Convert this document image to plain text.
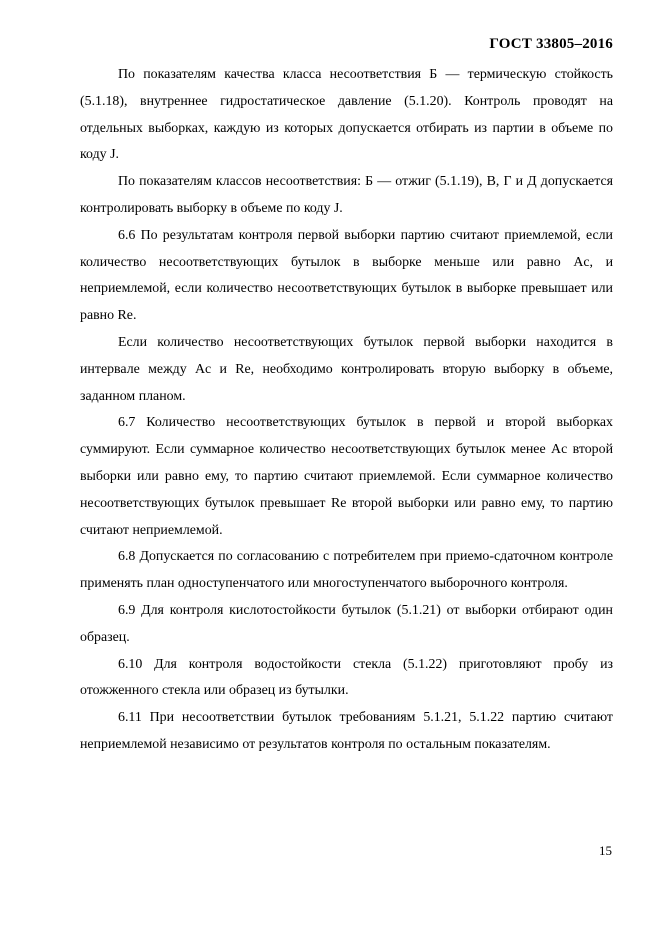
ГОСТ 33805–2016

По показателям качества класса несоответствия Б — термическую стойкость (5.1.18), внутреннее гидростатическое давление (5.1.20). Контроль проводят на отдельных выборках, каждую из которых допускается отбирать из партии в объеме по коду J.

По показателям классов несоответствия: Б — отжиг (5.1.19), В, Г и Д допускается контролировать выборку в объеме по коду J.

6.6 По результатам контроля первой выборки партию считают приемлемой, если количество несоответствующих бутылок в выборке меньше или равно Ac, и неприемлемой, если количество несоответствующих бутылок в выборке превышает или равно Re.

Если количество несоответствующих бутылок первой выборки находится в интервале между Ac и Re, необходимо контролировать вторую выборку в объеме, заданном планом.

6.7 Количество несоответствующих бутылок в первой и второй выборках суммируют. Если суммарное количество несоответствующих бутылок менее Ac второй выборки или равно ему, то партию считают приемлемой. Если суммарное количество несоответствующих бутылок превышает Re второй выборки или равно ему, то партию считают неприемлемой.

6.8 Допускается по согласованию с потребителем при приемо-сдаточном контроле применять план одноступенчатого или многоступенчатого выборочного контроля.

6.9 Для контроля кислотостойкости бутылок (5.1.21) от выборки отбирают один образец.

6.10 Для контроля водостойкости стекла (5.1.22) приготовляют пробу из отожженного стекла или образец из бутылки.

6.11 При несоответствии бутылок требованиям 5.1.21, 5.1.22 партию считают неприемлемой независимо от результатов контроля по остальным показателям.

15
